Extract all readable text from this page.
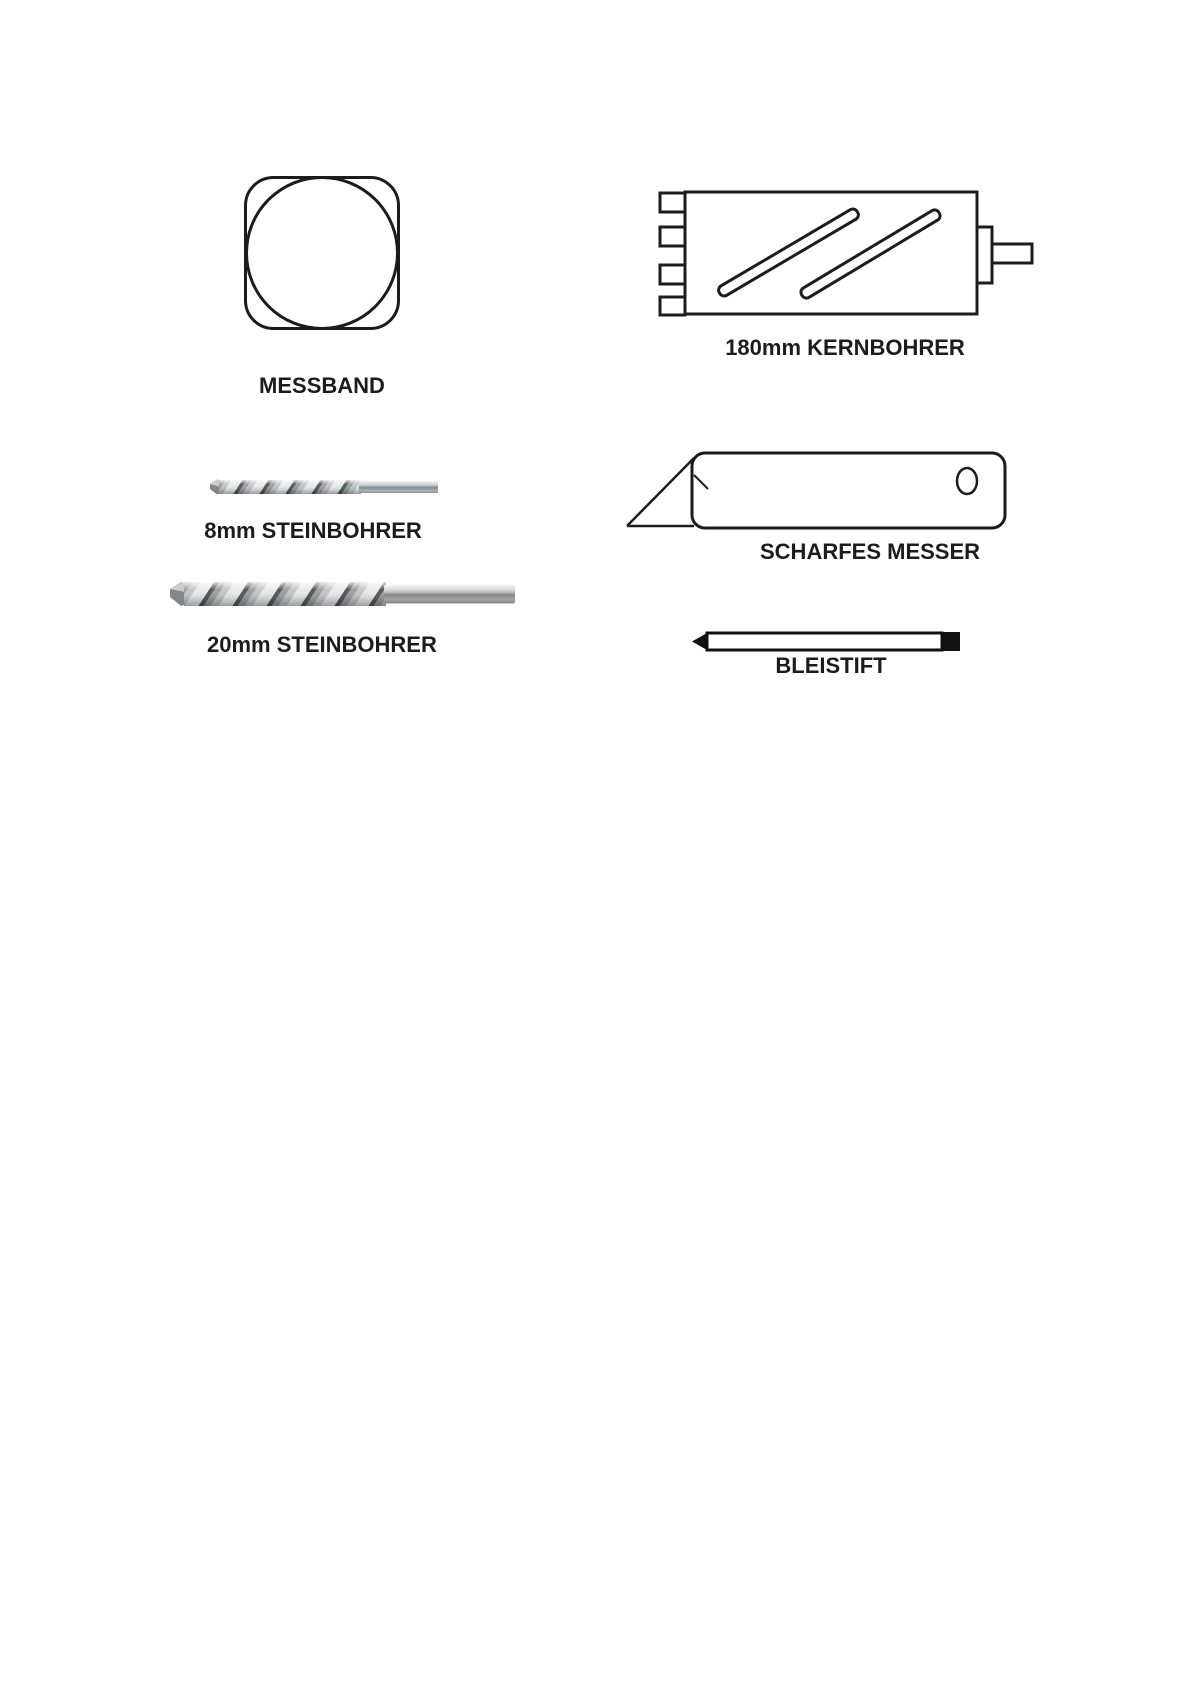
MESSBAND
180mm KERNBOHRER
8mm STEINBOHRER
20mm STEINBOHRER
SCHARFES MESSER
BLEISTIFT
